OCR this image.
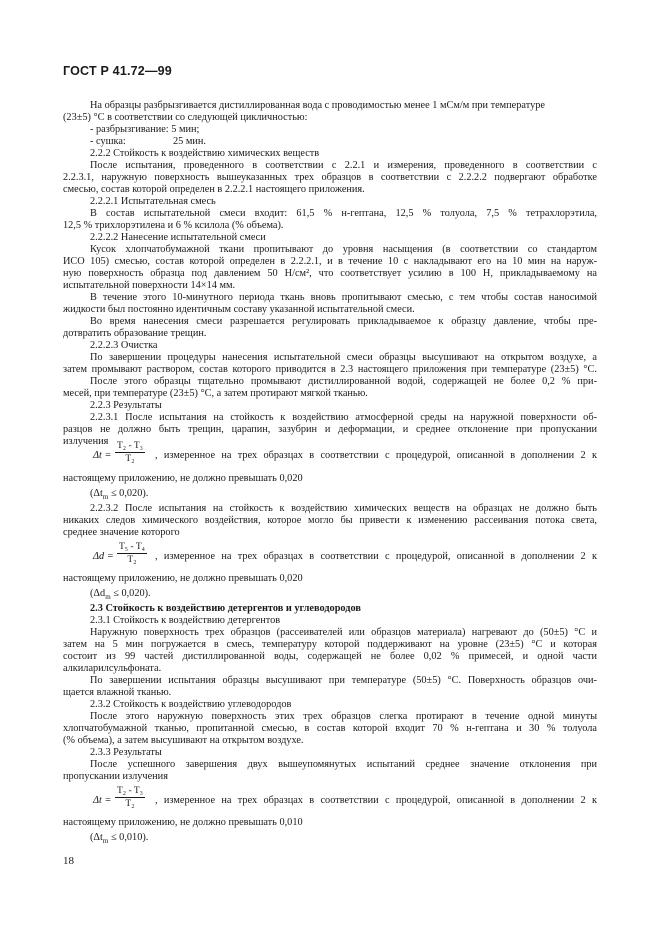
ГОСТ Р 41.72—99
На образцы разбрызгивается дистиллированная вода с проводимостью менее 1 мСм/м при температуре
(23±5) °С в соответствии со следующей цикличностью:
- разбрызгивание: 5 мин;
- сушка:	25 мин.
2.2.2 Стойкость к воздействию химических веществ
После испытания, проведенного в соответствии с 2.2.1 и измерения, проведенного в соответствии с
2.2.3.1, наружную поверхность вышеуказанных трех образцов в соответствии с 2.2.2.2 подвергают обработке
смесью, состав которой определен в 2.2.2.1 настоящего приложения.
2.2.2.1 Испытательная смесь
В состав испытательной смеси входит: 61,5 % н-гептана, 12,5 % толуола, 7,5 % тетрахлорэтила,
12,5 % трихлорэтилена и 6 % ксилола (% объема).
2.2.2.2 Нанесение испытательной смеси
Кусок хлопчатобумажной ткани пропитывают до уровня насыщения (в соответствии со стандартом
ИСО 105) смесью, состав которой определен в 2.2.2.1, и в течение 10 с накладывают его на 10 мин на наруж-
ную поверхность образца под давлением 50 Н/см², что соответствует усилию в 100 Н, прикладываемому на
испытательной поверхности 14×14 мм.
В течение этого 10-минутного периода ткань вновь пропитывают смесью, с тем чтобы состав наносимой
жидкости был постоянно идентичным составу указанной испытательной смеси.
Во время нанесения смеси разрешается регулировать прикладываемое к образцу давление, чтобы пре-
дотвратить образование трещин.
2.2.2.3 Очистка
По завершении процедуры нанесения испытательной смеси образцы высушивают на открытом воздухе, а
затем промывают раствором, состав которого приводится в 2.3 настоящего приложения при температуре (23±5) °С.
После этого образцы тщательно промывают дистиллированной водой, содержащей не более 0,2 % при-
месей, при температуре (23±5) °С, а затем протирают мягкой тканью.
2.2.3 Результаты
2.2.3.1 После испытания на стойкость к воздействию атмосферной среды на наружной поверхности об-
разцов не должно быть трещин, царапин, зазубрин и деформации, и среднее отклонение при пропускании
излучения
$\Delta t = \frac{\text{T₂ - T₃}}{\text{T₂}}$ , измеренное на трех образцах в соответствии с процедурой, описанной в дополнении 2 к
настоящему приложению, не должно превышать 0,020
$(\Delta t_m \le 0,020)$.
2.2.3.2 После испытания на стойкость к воздействию химических веществ на образцах не должно быть
никаких следов химического воздействия, которое могло бы привести к изменению рассеивания потока света,
среднее значение которого
$\Delta d = \frac{\text{T₅ - T₄}}{\text{T₂}}$ , измеренное на трех образцах в соответствии с процедурой, описанной в дополнении 2 к
настоящему приложению, не должно превышать 0,020
$(\Delta d_m \le 0,020)$.
2.3 Стойкость к воздействию детергентов и углеводородов
2.3.1 Стойкость к воздействию детергентов
Наружную поверхность трех образцов (рассеивателей или образцов материала) нагревают до (50±5) °С и
затем на 5 мин погружается в смесь, температуру которой поддерживают на уровне (23±5) °С и которая
состоит из 99 частей дистиллированной воды, содержащей не более 0,02 % примесей, и одной части
алкиларилсульфоната.
По завершении испытания образцы высушивают при температуре (50±5) °С. Поверхность образцов очи-
щается влажной тканью.
2.3.2 Стойкость к воздействию углеводородов
После этого наружную поверхность этих трех образцов слегка протирают в течение одной минуты
хлопчатобумажной тканью, пропитанной смесью, в состав которой входит 70 % н-гептана и 30 % толуола
(% объема), а затем высушивают на открытом воздухе.
2.3.3 Результаты
После успешного завершения двух вышеупомянутых испытаний среднее значение отклонения при
пропускании излучения
$\Delta t = \frac{\text{T₂ - T₃}}{\text{T₂}}$ , измеренное на трех образцах в соответствии с процедурой, описанной в дополнении 2 к
настоящему приложению, не должно превышать 0,010
$(\Delta t_m \le 0,010)$.
18
